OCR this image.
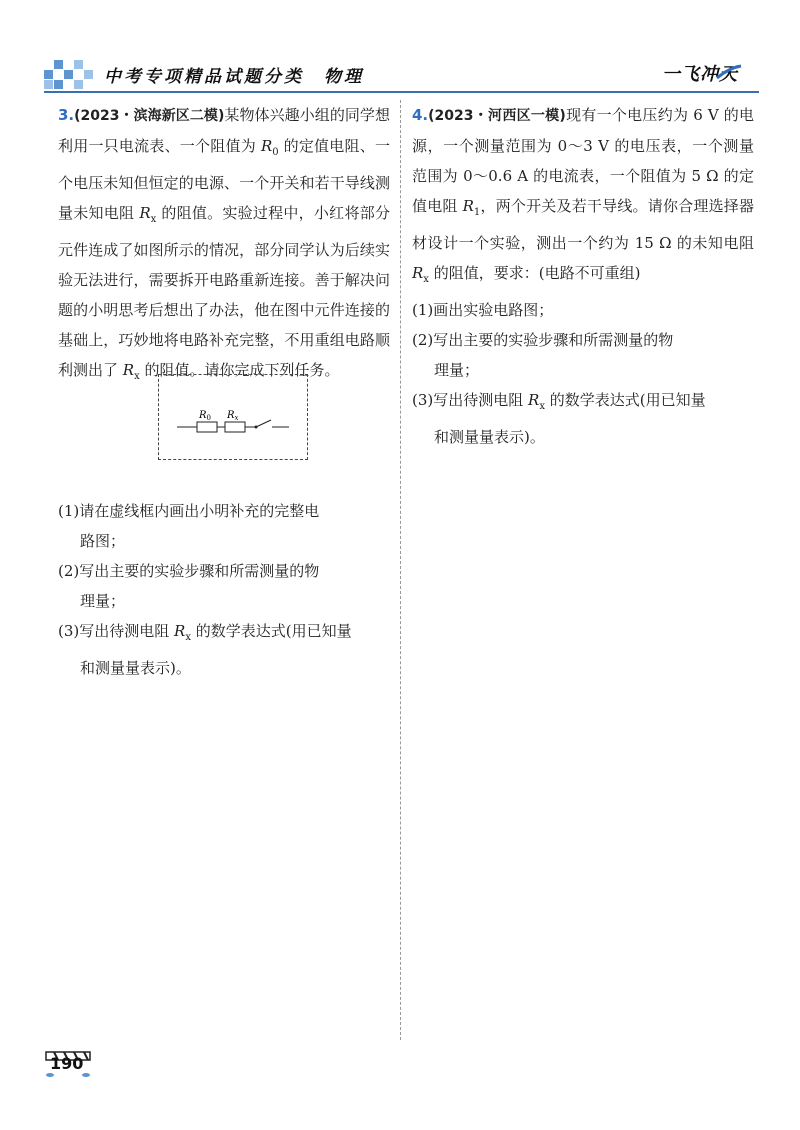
中考专项精品试题分类　物理	一飞冲天

3.(2023・滨海新区二模)某物体兴趣小组的同学想利用一只电流表、一个阻值为 $R_0$ 的定值电阻、一个电压未知但恒定的电源、一个开关和若干导线测量未知电阻 $R_x$ 的阻值。实验过程中，小红将部分元件连成了如图所示的情况，部分同学认为后续实验无法进行，需要拆开电路重新连接。善于解决问题的小明思考后想出了办法，他在图中元件连接的基础上，巧妙地将电路补充完整，不用重组电路顺利测出了 $R_x$ 的阻值。请你完成下列任务。

(1)请在虚线框内画出小明补充的完整电
路图；

(2)写出主要的实验步骤和所需测量的物
理量；

(3)写出待测电阻 $R_x$ 的数学表达式(用已知量
和测量量表示)。

$R_0$ $R_x$

4.(2023・河西区一模)现有一个电压约为 6 V 的电源，一个测量范围为 0～3 V 的电压表，一个测量范围为 0～0.6 A 的电流表，一个阻值为 5 Ω 的定值电阻 $R_1$，两个开关及若干导线。请你合理选择器材设计一个实验，测出一个约为 15 Ω 的未知电阻 $R_x$ 的阻值，要求：(电路不可重组)

(1)画出实验电路图；

(2)写出主要的实验步骤和所需测量的物
理量；

(3)写出待测电阻 $R_x$ 的数学表达式(用已知量
和测量量表示)。

190
